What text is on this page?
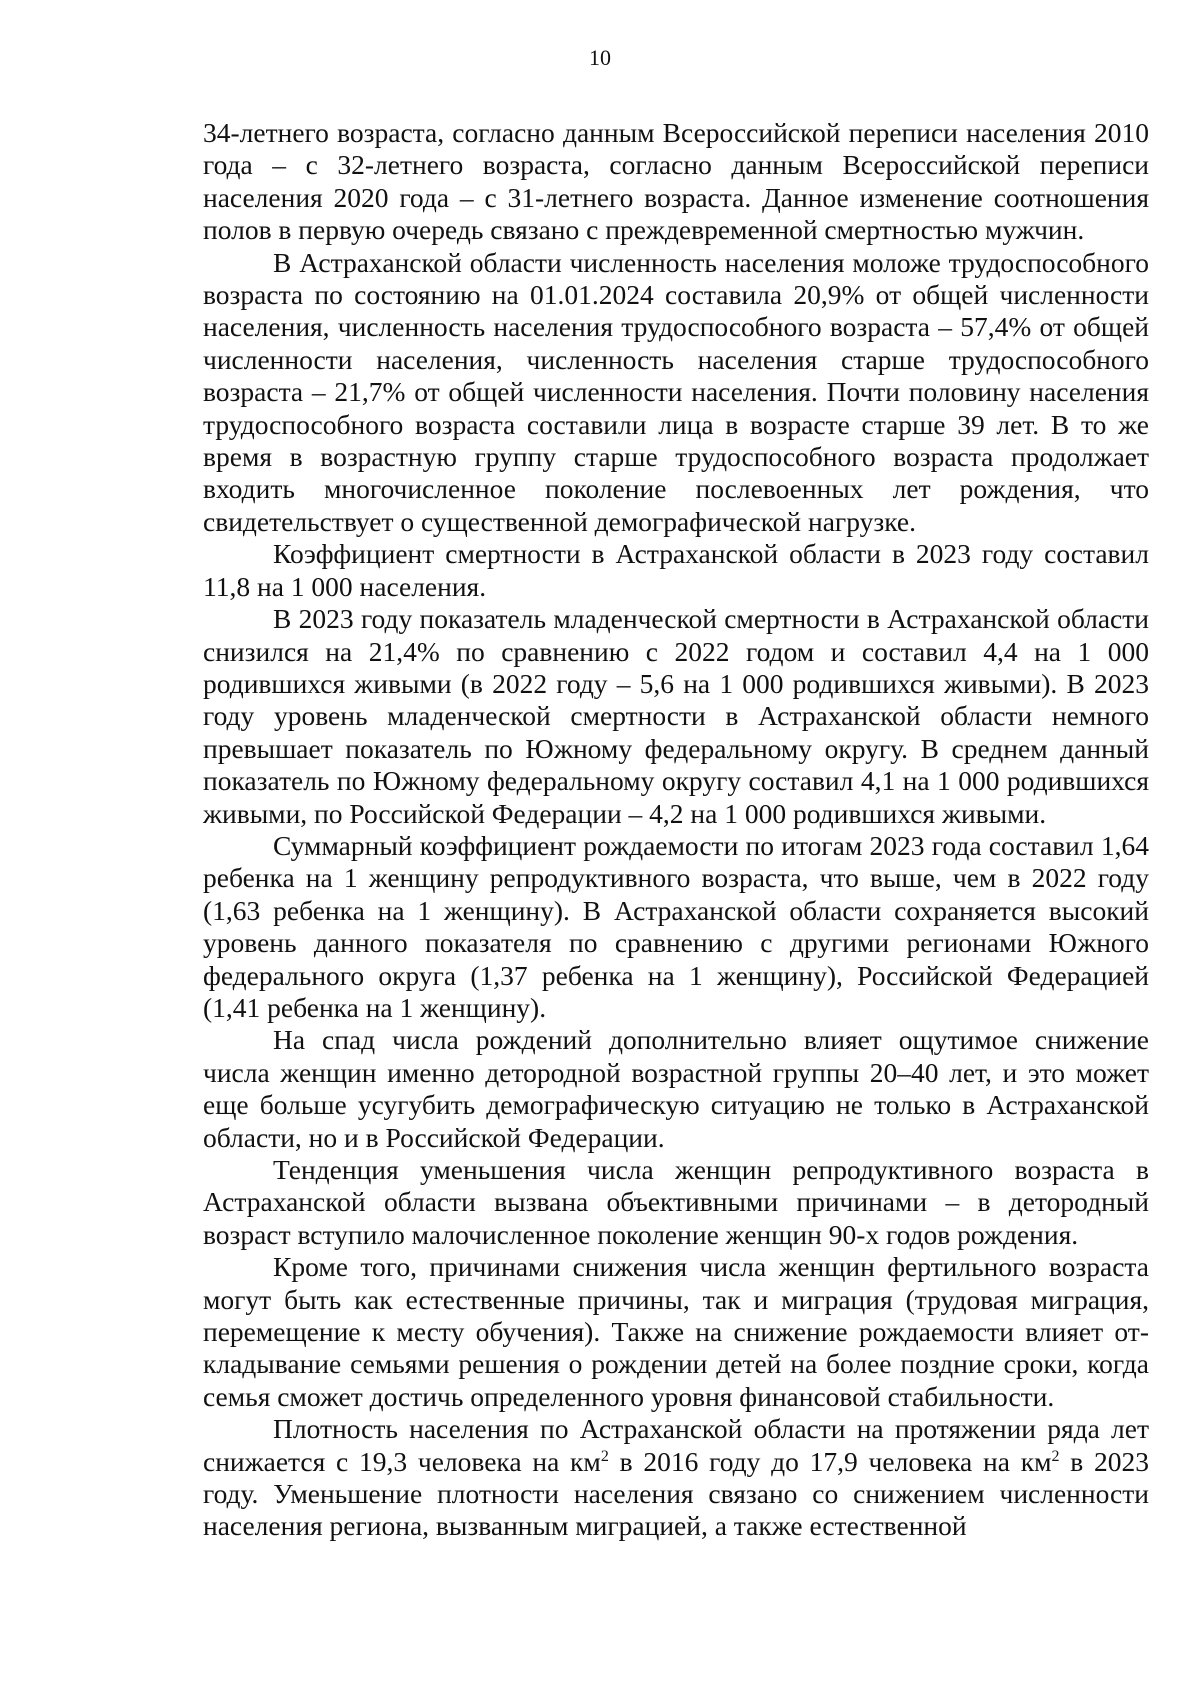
10

34-летнего возраста, согласно данным Всероссийской переписи населения 2010 года – с 32-летнего возраста, согласно данным Всероссийской переписи населения 2020 года – с 31-летнего возраста. Данное изменение соотношения полов в первую очередь связано с преждевременной смертностью мужчин.

В Астраханской области численность населения моложе трудоспособного возраста по состоянию на 01.01.2024 составила 20,9% от общей численности населения, численность населения трудоспособного возраста – 57,4% от общей численности населения, численность населения старше трудоспособного возраста – 21,7% от общей численности населения. Почти половину населения трудоспособного возраста составили лица в возрасте старше 39 лет. В то же время в возрастную группу старше трудоспособного возраста продолжает входить многочисленное поколение послевоенных лет рождения, что свидетельствует о существенной демографической нагрузке.

Коэффициент смертности в Астраханской области в 2023 году составил 11,8 на 1 000 населения.

В 2023 году показатель младенческой смертности в Астраханской области снизился на 21,4% по сравнению с 2022 годом и составил 4,4 на 1 000 родившихся живыми (в 2022 году – 5,6 на 1 000 родившихся живыми). В 2023 году уровень младенческой смертности в Астраханской области немного превышает показатель по Южному федеральному округу. В среднем данный показатель по Южному федеральному округу составил 4,1 на 1 000 родившихся живыми, по Российской Федерации – 4,2 на 1 000 родившихся живыми.

Суммарный коэффициент рождаемости по итогам 2023 года составил 1,64 ребенка на 1 женщину репродуктивного возраста, что выше, чем в 2022 году (1,63 ребенка на 1 женщину). В Астраханской области сохраняется высокий уровень данного показателя по сравнению с другими регионами Южного федерального округа (1,37 ребенка на 1 женщину), Российской Федерацией (1,41 ребенка на 1 женщину).

На спад числа рождений дополнительно влияет ощутимое снижение числа женщин именно детородной возрастной группы 20–40 лет, и это может еще больше усугубить демографическую ситуацию не только в Астраханской области, но и в Российской Федерации.

Тенденция уменьшения числа женщин репродуктивного возраста в Астраханской области вызвана объективными причинами – в детородный возраст вступило малочисленное поколение женщин 90-х годов рождения.

Кроме того, причинами снижения числа женщин фертильного возраста могут быть как естественные причины, так и миграция (трудовая миграция, перемещение к месту обучения). Также на снижение рождаемости влияет откладывание семьями решения о рождении детей на более поздние сроки, когда семья сможет достичь определенного уровня финансовой стабильности.

Плотность населения по Астраханской области на протяжении ряда лет снижается с 19,3 человека на $км^2$ в 2016 году до 17,9 человека на $км^2$ в 2023 году. Уменьшение плотности населения связано со снижением численности населения региона, вызванным миграцией, а также естественной
